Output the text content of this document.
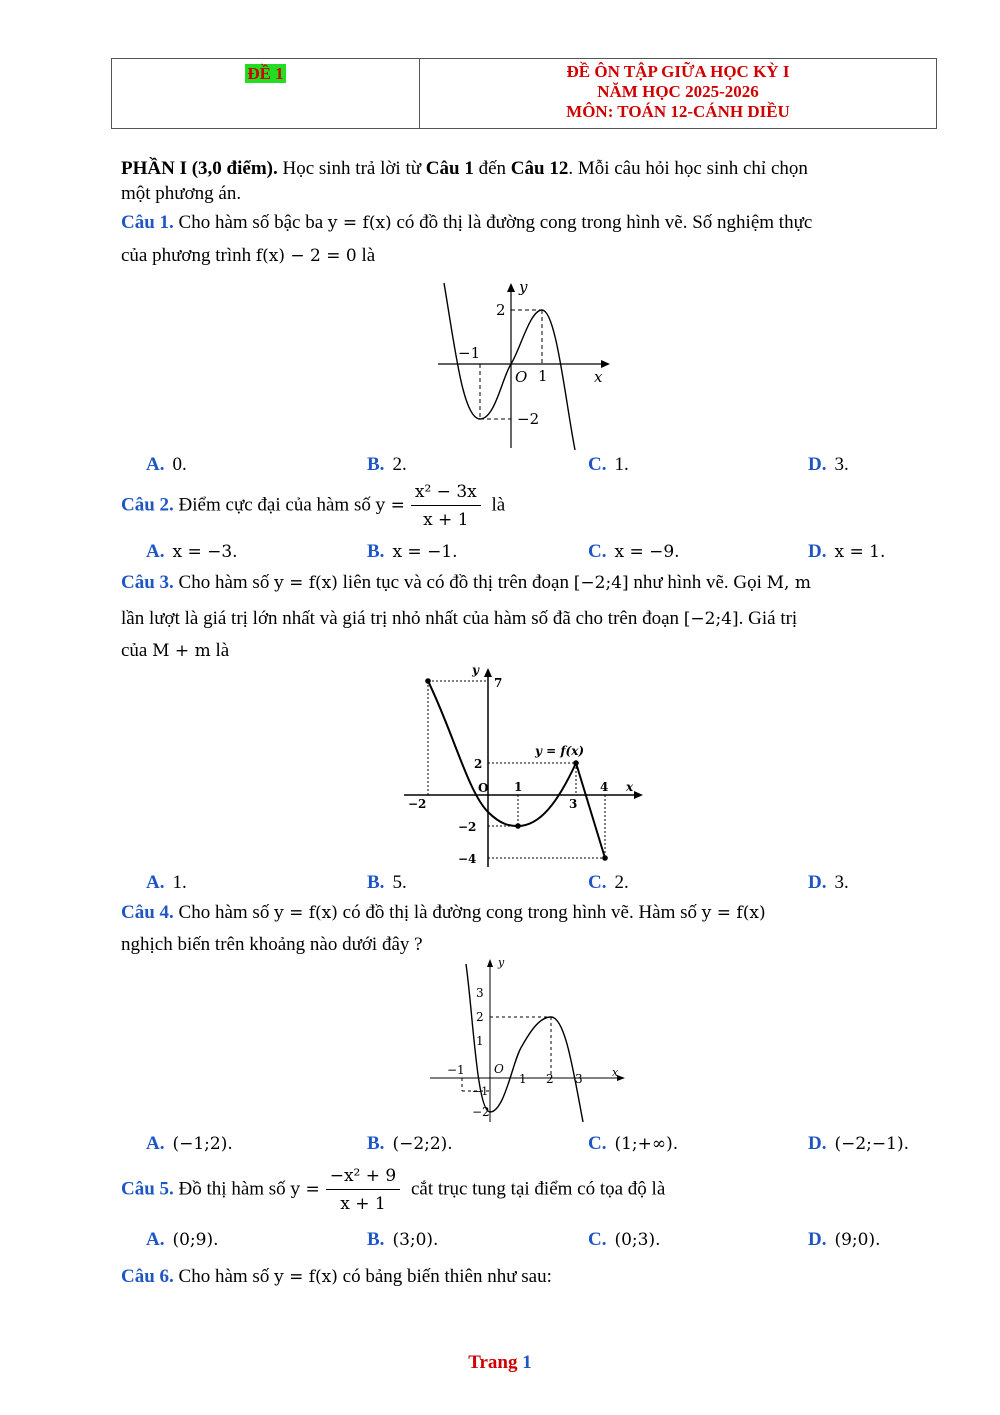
ĐỀ 1	ĐỀ ÔN TẬP GIỮA HỌC KỲ I
NĂM HỌC 2025-2026
MÔN: TOÁN 12-CÁNH DIỀU
PHẦN I (3,0 điểm). Học sinh trả lời từ Câu 1 đến Câu 12. Mỗi câu hỏi học sinh chỉ chọn
một phương án.
Câu 1. Cho hàm số bậc ba y = f(x) có đồ thị là đường cong trong hình vẽ. Số nghiệm thực
của phương trình f(x) − 2 = 0 là
y
x
O
2
−1
1
−2
A. 0.	B. 2.	C. 1.	D. 3.
Câu 2. Điểm cực đại của hàm số $y = \frac{\text{x² − 3x}}{x + 1}$ là
A. x = −3.	B. x = −1.	C. x = −9.	D. x = 1.
Câu 3. Cho hàm số y = f(x) liên tục và có đồ thị trên đoạn [−2;4] như hình vẽ. Gọi M, m
lần lượt là giá trị lớn nhất và giá trị nhỏ nhất của hàm số đã cho trên đoạn [−2;4]. Giá trị
của M + m là
y
7
y = f(x)
2
O 1	4 x
−2	3
−2
−4
A. 1.	B. 5.	C. 2.	D. 3.
Câu 4. Cho hàm số y = f(x) có đồ thị là đường cong trong hình vẽ. Hàm số y = f(x)
nghịch biến trên khoảng nào dưới đây ?
y
3
2
1
−1 O
1 2 3	x
−1
−2
A. (−1;2).	B. (−2;2).	C. (1;+∞).	D. (−2;−1).
Câu 5. Đồ thị hàm số $y = \frac{\text{−x² + 9}}{x + 1}$ cắt trục tung tại điểm có tọa độ là
A. (0;9).	B. (3;0).	C. (0;3).	D. (9;0).
Câu 6. Cho hàm số y = f(x) có bảng biến thiên như sau:
Trang 1
